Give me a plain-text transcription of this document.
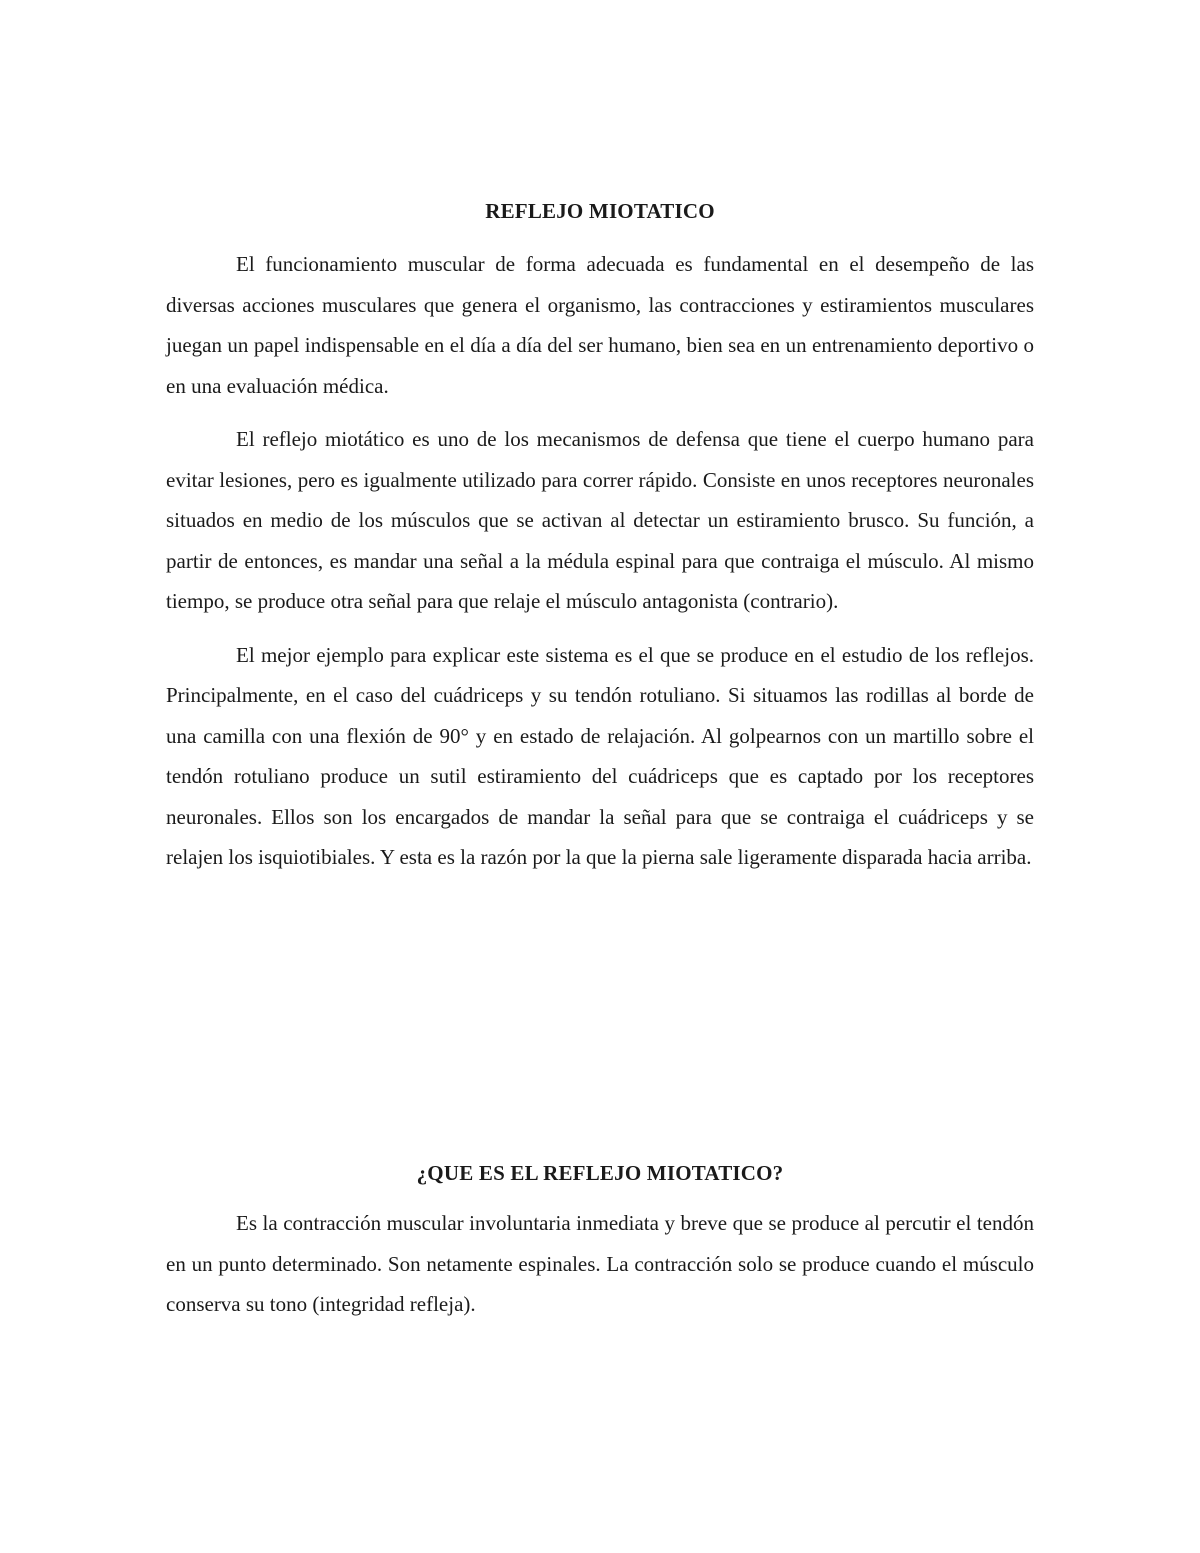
REFLEJO MIOTATICO

El funcionamiento muscular de forma adecuada es fundamental en el desempeño de las diversas acciones musculares que genera el organismo, las contracciones y estiramientos musculares juegan un papel indispensable en el día a día del ser humano, bien sea en un entrenamiento deportivo o en una evaluación médica.

El reflejo miotático es uno de los mecanismos de defensa que tiene el cuerpo humano para evitar lesiones, pero es igualmente utilizado para correr rápido. Consiste en unos receptores neuronales situados en medio de los músculos que se activan al detectar un estiramiento brusco. Su función, a partir de entonces, es mandar una señal a la médula espinal para que contraiga el músculo. Al mismo tiempo, se produce otra señal para que relaje el músculo antagonista (contrario).

El mejor ejemplo para explicar este sistema es el que se produce en el estudio de los reflejos. Principalmente, en el caso del cuádriceps y su tendón rotuliano. Si situamos las rodillas al borde de una camilla con una flexión de 90° y en estado de relajación. Al golpearnos con un martillo sobre el tendón rotuliano produce un sutil estiramiento del cuádriceps que es captado por los receptores neuronales. Ellos son los encargados de mandar la señal para que se contraiga el cuádriceps y se relajen los isquiotibiales. Y esta es la razón por la que la pierna sale ligeramente disparada hacia arriba.

¿QUE ES EL REFLEJO MIOTATICO?

Es la contracción muscular involuntaria inmediata y breve que se produce al percutir el tendón en un punto determinado. Son netamente espinales. La contracción solo se produce cuando el músculo conserva su tono (integridad refleja).
